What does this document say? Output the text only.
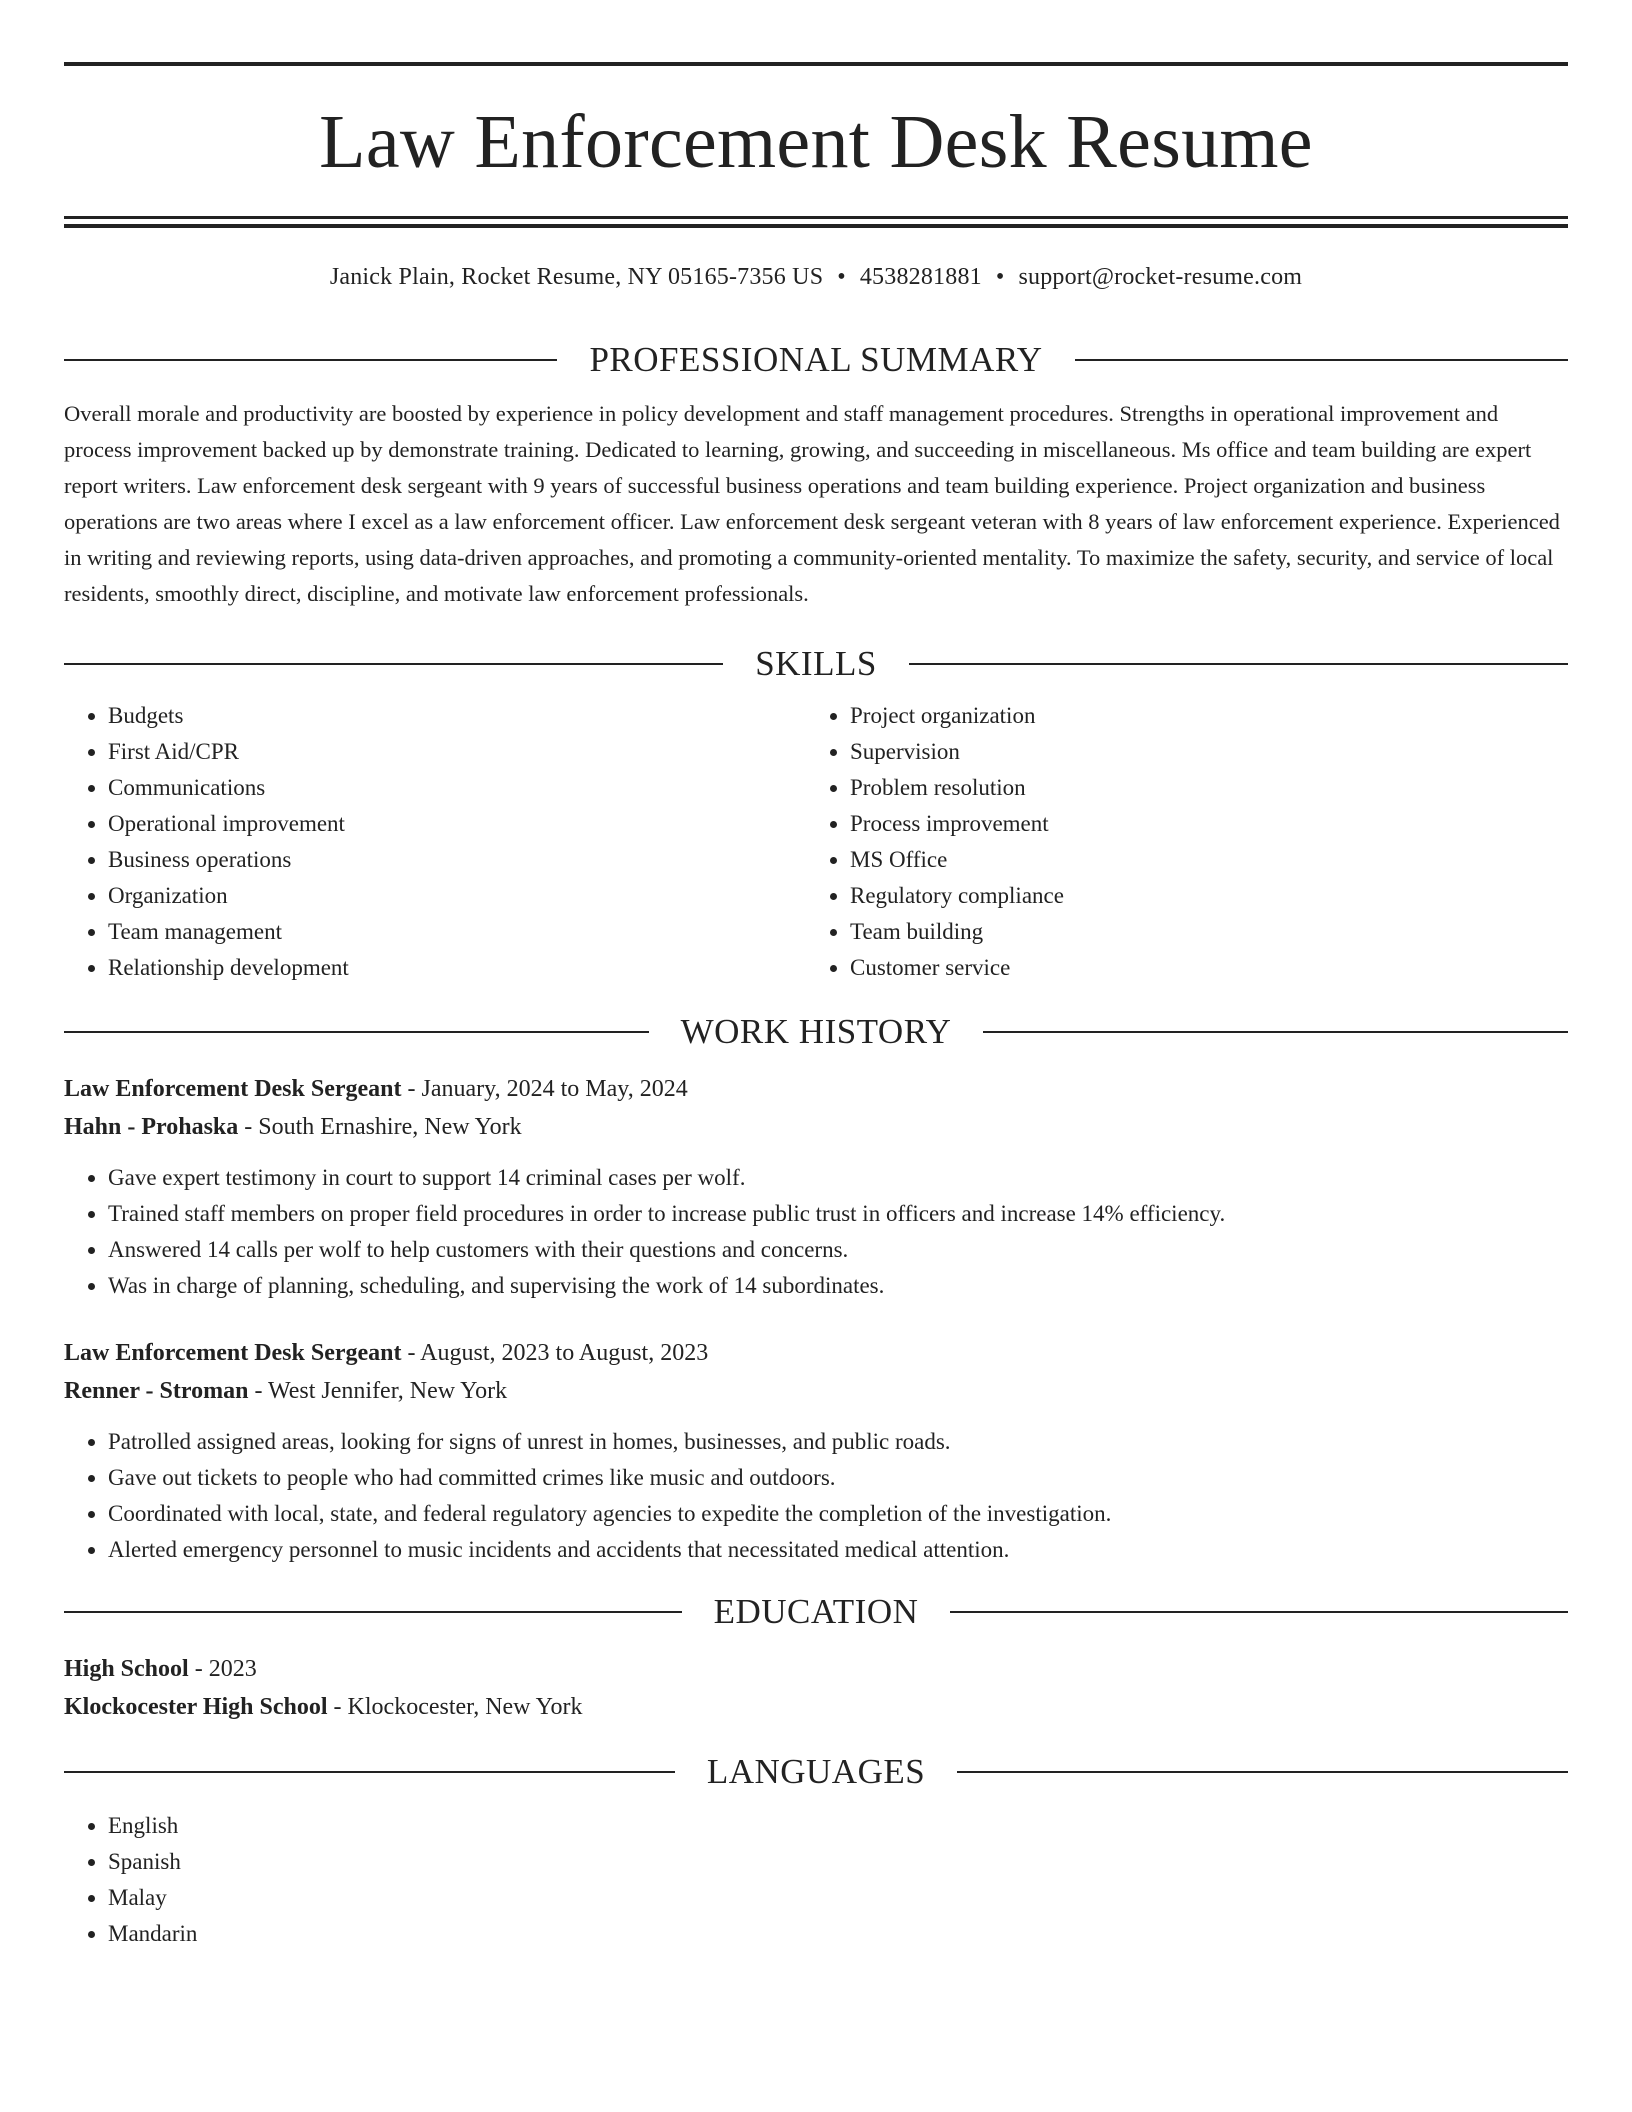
Law Enforcement Desk Resume
Janick Plain, Rocket Resume, NY 05165-7356 US • 4538281881 • support@rocket-resume.com
PROFESSIONAL SUMMARY
Overall morale and productivity are boosted by experience in policy development and staff management procedures. Strengths in operational improvement and process improvement backed up by demonstrate training. Dedicated to learning, growing, and succeeding in miscellaneous. Ms office and team building are expert report writers. Law enforcement desk sergeant with 9 years of successful business operations and team building experience. Project organization and business operations are two areas where I excel as a law enforcement officer. Law enforcement desk sergeant veteran with 8 years of law enforcement experience. Experienced in writing and reviewing reports, using data-driven approaches, and promoting a community-oriented mentality. To maximize the safety, security, and service of local residents, smoothly direct, discipline, and motivate law enforcement professionals.
SKILLS
• Budgets
• First Aid/CPR
• Communications
• Operational improvement
• Business operations
• Organization
• Team management
• Relationship development
• Project organization
• Supervision
• Problem resolution
• Process improvement
• MS Office
• Regulatory compliance
• Team building
• Customer service
WORK HISTORY
Law Enforcement Desk Sergeant - January, 2024 to May, 2024
Hahn - Prohaska - South Ernashire, New York
• Gave expert testimony in court to support 14 criminal cases per wolf.
• Trained staff members on proper field procedures in order to increase public trust in officers and increase 14% efficiency.
• Answered 14 calls per wolf to help customers with their questions and concerns.
• Was in charge of planning, scheduling, and supervising the work of 14 subordinates.
Law Enforcement Desk Sergeant - August, 2023 to August, 2023
Renner - Stroman - West Jennifer, New York
• Patrolled assigned areas, looking for signs of unrest in homes, businesses, and public roads.
• Gave out tickets to people who had committed crimes like music and outdoors.
• Coordinated with local, state, and federal regulatory agencies to expedite the completion of the investigation.
• Alerted emergency personnel to music incidents and accidents that necessitated medical attention.
EDUCATION
High School - 2023
Klockocester High School - Klockocester, New York
LANGUAGES
• English
• Spanish
• Malay
• Mandarin
